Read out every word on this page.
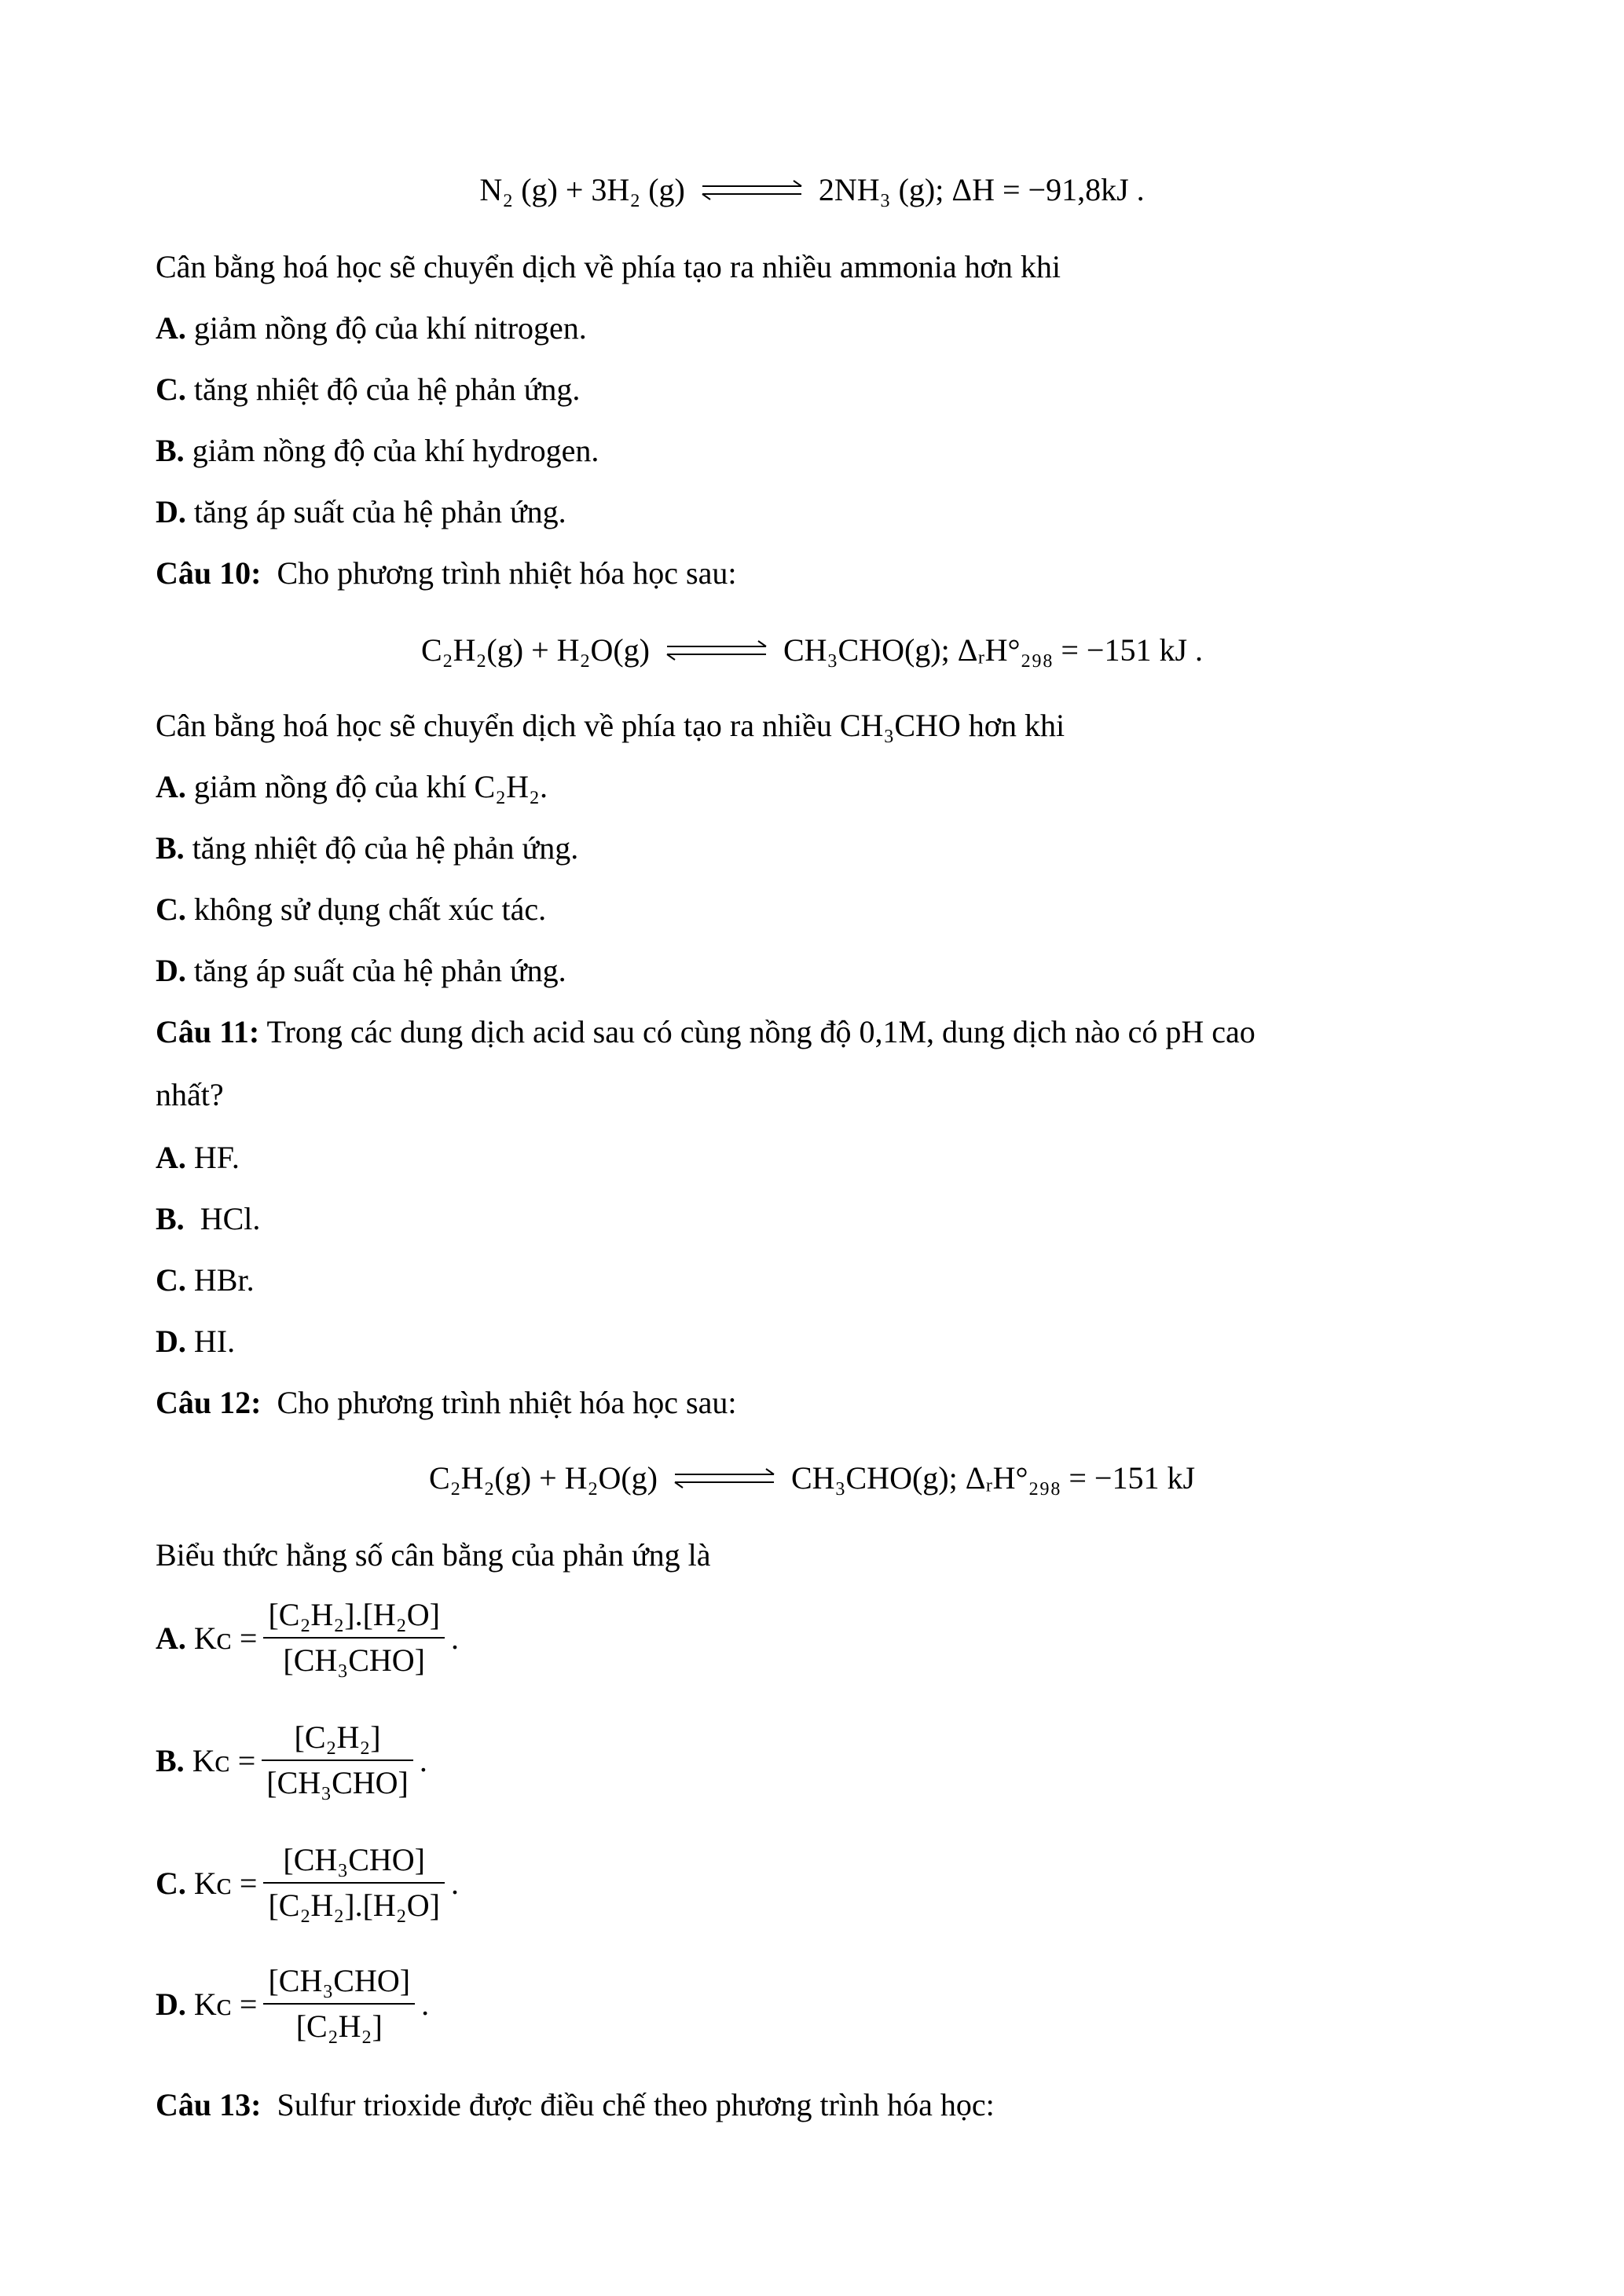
N₂ (g) + 3H₂ (g) ⇌ 2NH₃ (g); ΔH = −91,8kJ .
Cân bằng hoá học sẽ chuyển dịch về phía tạo ra nhiều ammonia hơn khi
A. giảm nồng độ của khí nitrogen.
C. tăng nhiệt độ của hệ phản ứng.
B. giảm nồng độ của khí hydrogen.
D. tăng áp suất của hệ phản ứng.
Câu 10: Cho phương trình nhiệt hóa học sau:
C₂H₂(g) + H₂O(g) ⇌ CH₃CHO(g); ΔᵣH°₂₉₈ = −151 kJ .
Cân bằng hoá học sẽ chuyển dịch về phía tạo ra nhiều CH₃CHO hơn khi
A. giảm nồng độ của khí C₂H₂.
B. tăng nhiệt độ của hệ phản ứng.
C. không sử dụng chất xúc tác.
D. tăng áp suất của hệ phản ứng.
Câu 11: Trong các dung dịch acid sau có cùng nồng độ 0,1M, dung dịch nào có pH cao
nhất?
A. HF.
B. HCl.
C. HBr.
D. HI.
Câu 12: Cho phương trình nhiệt hóa học sau:
C₂H₂(g) + H₂O(g) ⇌ CH₃CHO(g); ΔᵣH°₂₉₈ = −151 kJ
Biểu thức hằng số cân bằng của phản ứng là
A.
Kᴄ = $\frac{\text{[C₂H₂].[H₂O]}}{\text{[CH₃CHO]}}$ .
B.
Kᴄ = $\frac{\text{[C₂H₂]}}{\text{[CH₃CHO]}}$ .
C.
Kᴄ = $\frac{\text{[CH₃CHO]}}{\text{[C₂H₂].[H₂O]}}$ .
D.
Kᴄ = $\frac{\text{[CH₃CHO]}}{\text{[C₂H₂]}}$ .
Câu 13: Sulfur trioxide được điều chế theo phương trình hóa học:
